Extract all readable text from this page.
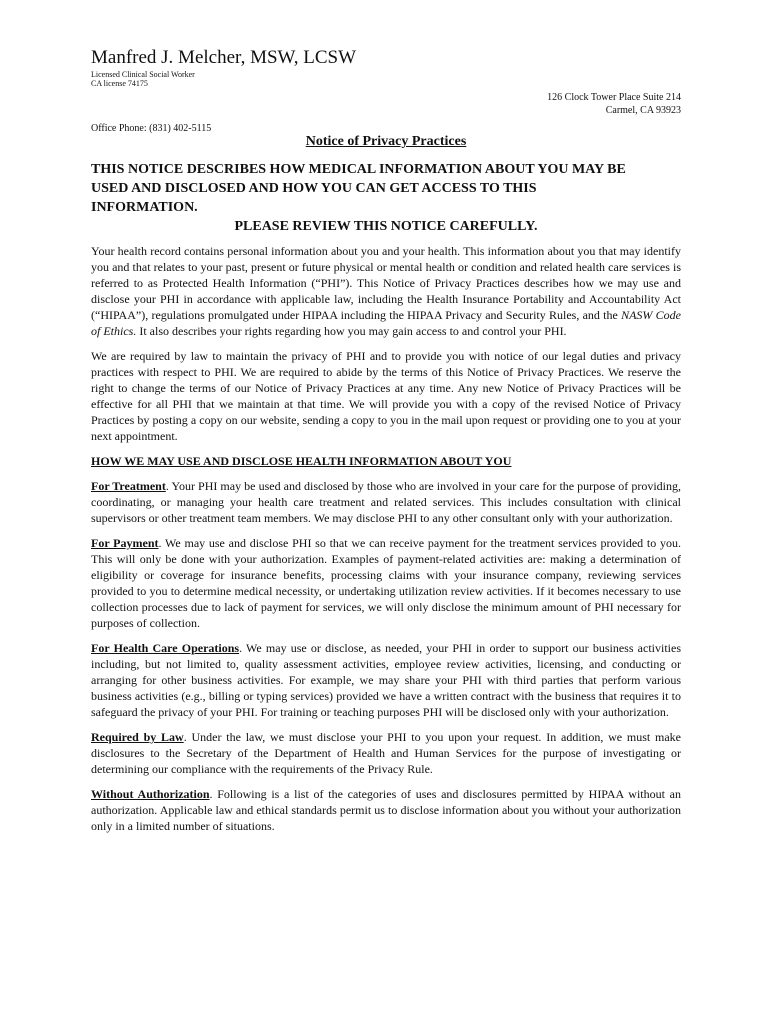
Manfred J. Melcher, MSW, LCSW
Licensed Clinical Social Worker
CA license 74175
126 Clock Tower Place Suite 214
Carmel, CA 93923
Office Phone: (831) 402-5115
Notice of Privacy Practices
THIS NOTICE DESCRIBES HOW MEDICAL INFORMATION ABOUT YOU MAY BE
USED AND DISCLOSED AND HOW YOU CAN GET ACCESS TO THIS
INFORMATION.
PLEASE REVIEW THIS NOTICE CAREFULLY.

Your health record contains personal information about you and your health. This information about you that may identify you and that relates to your past, present or future physical or mental health or condition and related health care services is referred to as Protected Health Information (“PHI”). This Notice of Privacy Practices describes how we may use and disclose your PHI in accordance with applicable law, including the Health Insurance Portability and Accountability Act (“HIPAA”), regulations promulgated under HIPAA including the HIPAA Privacy and Security Rules, and the NASW Code of Ethics. It also describes your rights regarding how you may gain access to and control your PHI.

We are required by law to maintain the privacy of PHI and to provide you with notice of our legal duties and privacy practices with respect to PHI. We are required to abide by the terms of this Notice of Privacy Practices. We reserve the right to change the terms of our Notice of Privacy Practices at any time. Any new Notice of Privacy Practices will be effective for all PHI that we maintain at that time. We will provide you with a copy of the revised Notice of Privacy Practices by posting a copy on our website, sending a copy to you in the mail upon request or providing one to you at your next appointment.

HOW WE MAY USE AND DISCLOSE HEALTH INFORMATION ABOUT YOU

For Treatment. Your PHI may be used and disclosed by those who are involved in your care for the purpose of providing, coordinating, or managing your health care treatment and related services. This includes consultation with clinical supervisors or other treatment team members. We may disclose PHI to any other consultant only with your authorization.

For Payment. We may use and disclose PHI so that we can receive payment for the treatment services provided to you. This will only be done with your authorization. Examples of payment-related activities are: making a determination of eligibility or coverage for insurance benefits, processing claims with your insurance company, reviewing services provided to you to determine medical necessity, or undertaking utilization review activities. If it becomes necessary to use collection processes due to lack of payment for services, we will only disclose the minimum amount of PHI necessary for purposes of collection.

For Health Care Operations. We may use or disclose, as needed, your PHI in order to support our business activities including, but not limited to, quality assessment activities, employee review activities, licensing, and conducting or arranging for other business activities. For example, we may share your PHI with third parties that perform various business activities (e.g., billing or typing services) provided we have a written contract with the business that requires it to safeguard the privacy of your PHI. For training or teaching purposes PHI will be disclosed only with your authorization.

Required by Law. Under the law, we must disclose your PHI to you upon your request. In addition, we must make disclosures to the Secretary of the Department of Health and Human Services for the purpose of investigating or determining our compliance with the requirements of the Privacy Rule.

Without Authorization. Following is a list of the categories of uses and disclosures permitted by HIPAA without an authorization. Applicable law and ethical standards permit us to disclose information about you without your authorization only in a limited number of situations.
